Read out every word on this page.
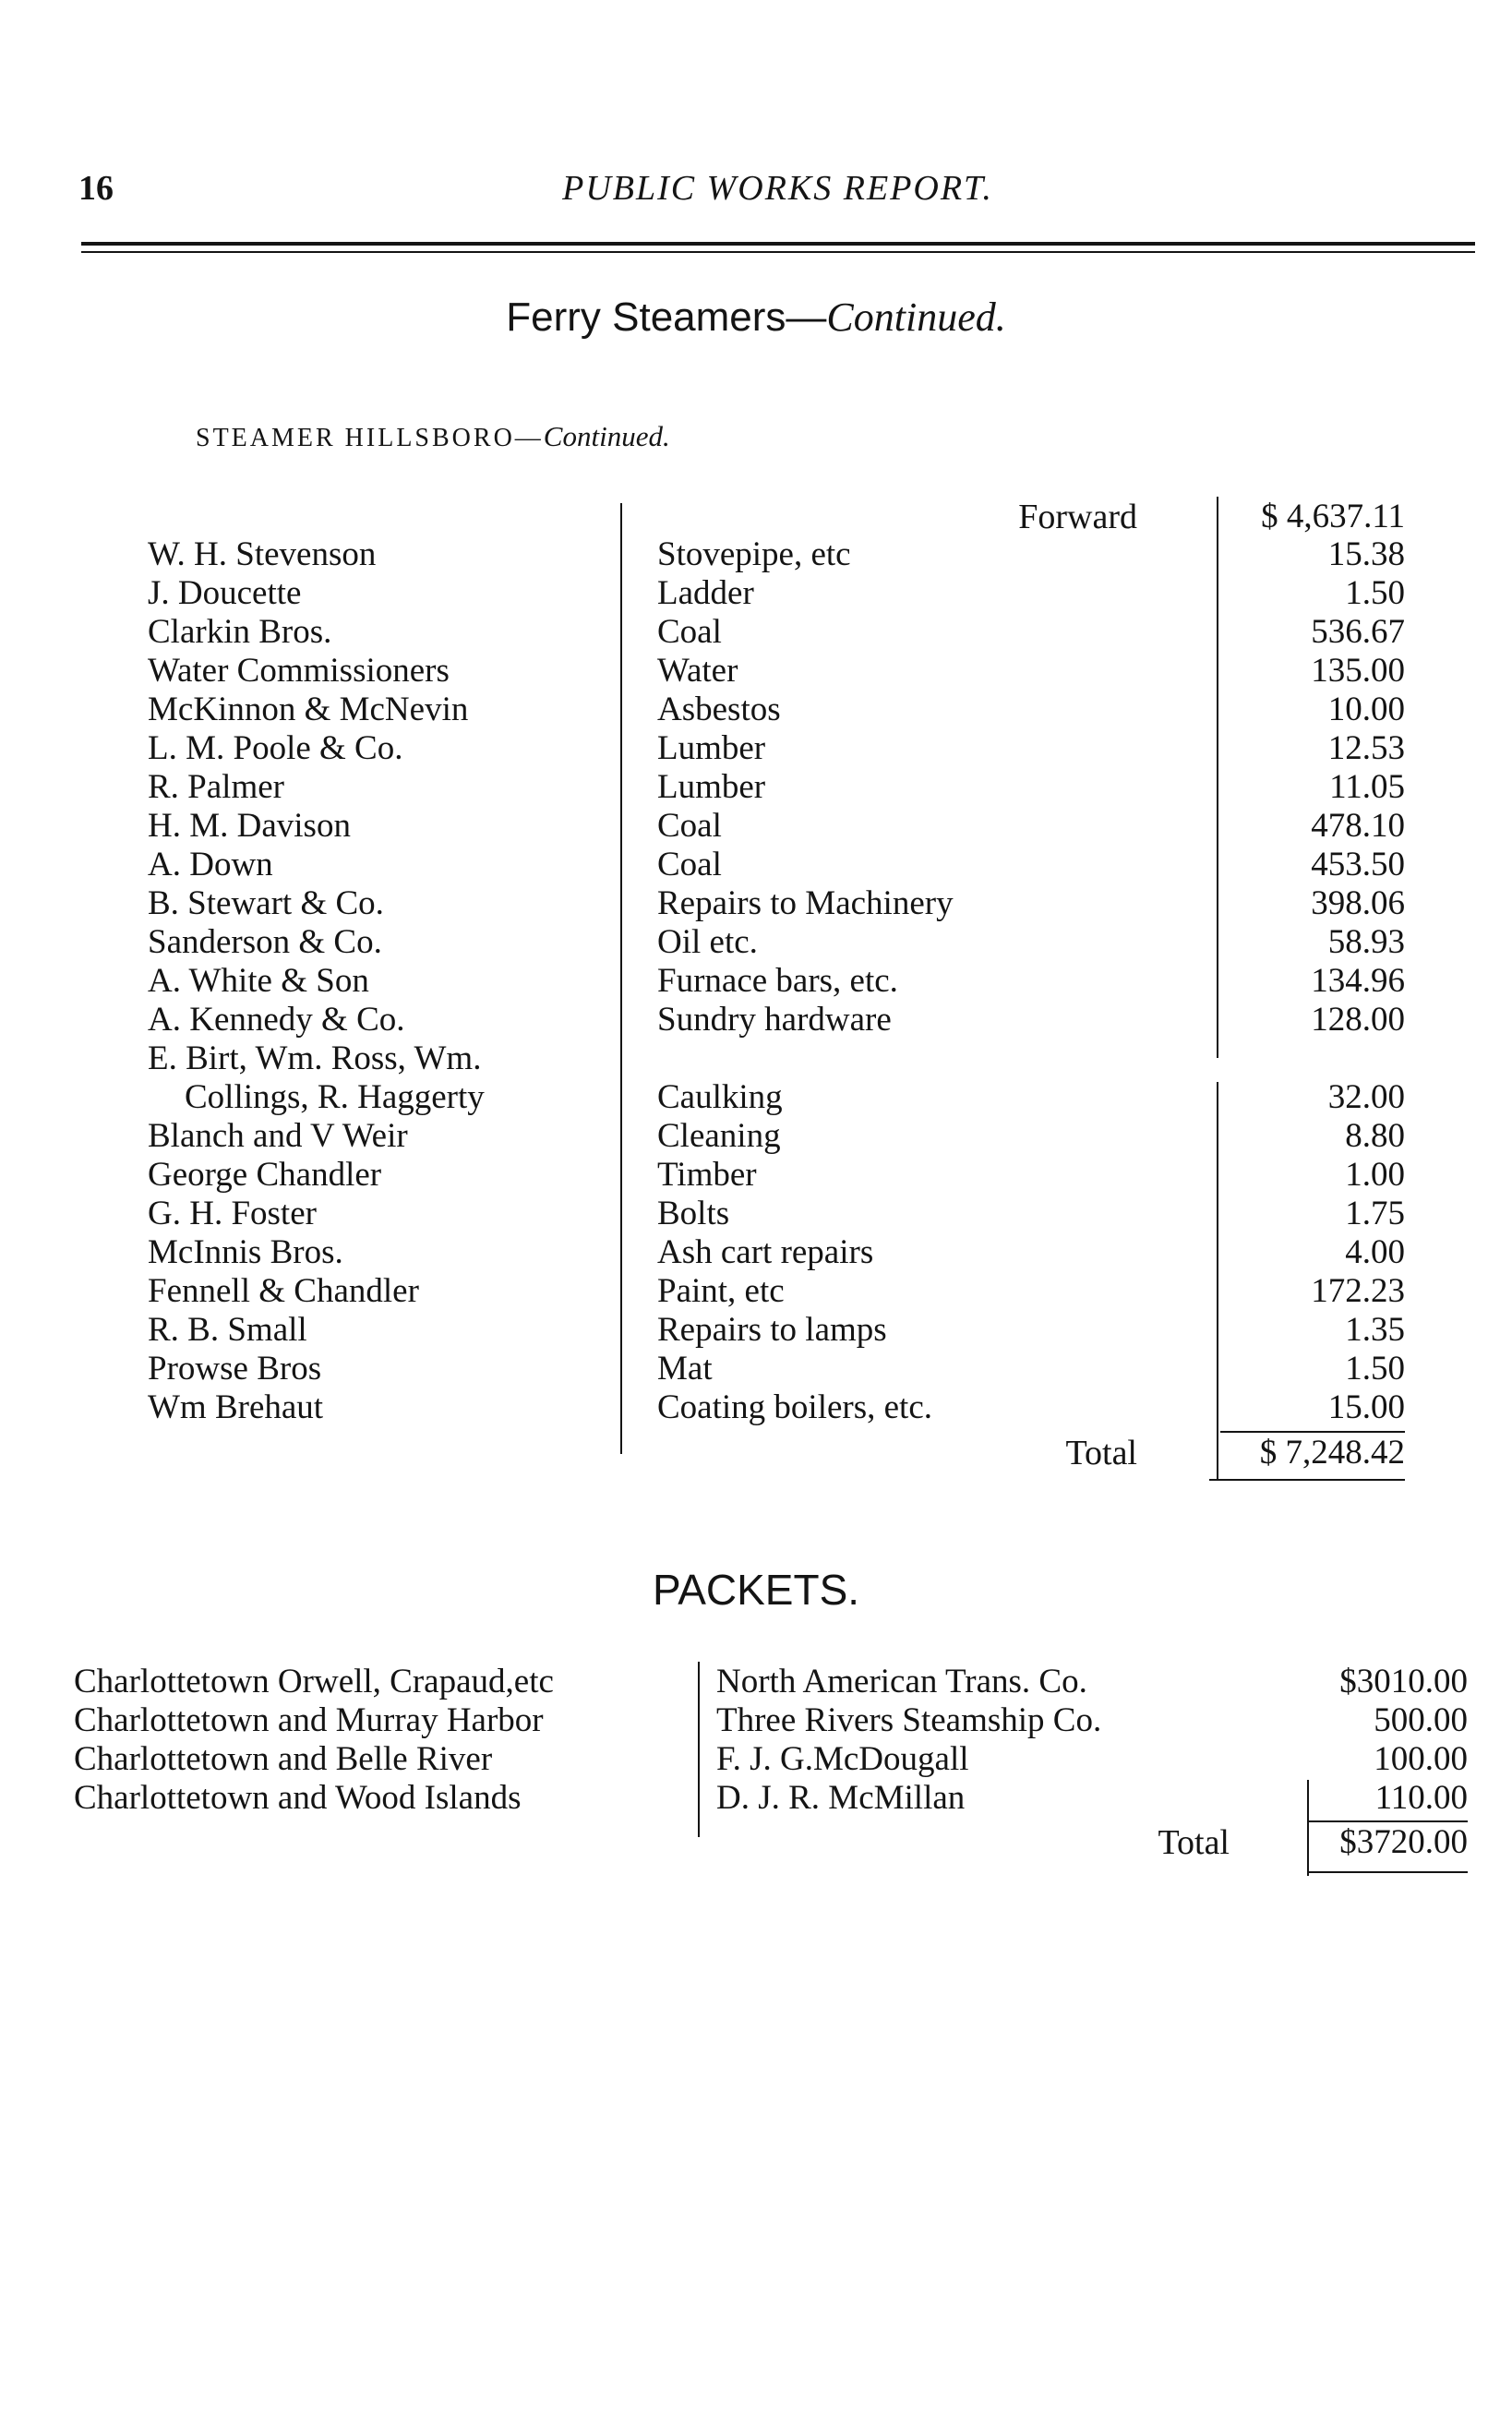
16	PUBLIC WORKS REPORT.
Ferry Steamers—Continued.
STEAMER HILLSBORO—Continued.
Forward	$ 4,637.11
W. H. Stevenson	Stovepipe, etc	15.38
J. Doucette	Ladder	1.50
Clarkin Bros.	Coal	536.67
Water Commissioners	Water	135.00
McKinnon & McNevin	Asbestos	10.00
L. M. Poole & Co.	Lumber	12.53
R. Palmer	Lumber	11.05
H. M. Davison	Coal	478.10
A. Down	Coal	453.50
B. Stewart & Co.	Repairs to Machinery	398.06
Sanderson & Co.	Oil etc.	58.93
A. White & Son	Furnace bars, etc.	134.96
A. Kennedy & Co.	Sundry hardware	128.00
E. Birt, Wm. Ross, Wm.
Collings, R. Haggerty	Caulking	32.00
Blanch and V Weir	Cleaning	8.80
George Chandler	Timber	1.00
G. H. Foster	Bolts	1.75
McInnis Bros.	Ash cart repairs	4.00
Fennell & Chandler	Paint, etc	172.23
R. B. Small	Repairs to lamps	1.35
Prowse Bros	Mat	1.50
Wm Brehaut	Coating boilers, etc.	15.00
Total	$ 7,248.42
PACKETS.
Charlottetown Orwell, Crapaud,etc	North American Trans. Co.	$3010.00
Charlottetown and Murray Harbor	Three Rivers Steamship Co.	500.00
Charlottetown and Belle River	F. J. G.McDougall	100.00
Charlottetown and Wood Islands	D. J. R. McMillan	110.00
Total	$3720.00
